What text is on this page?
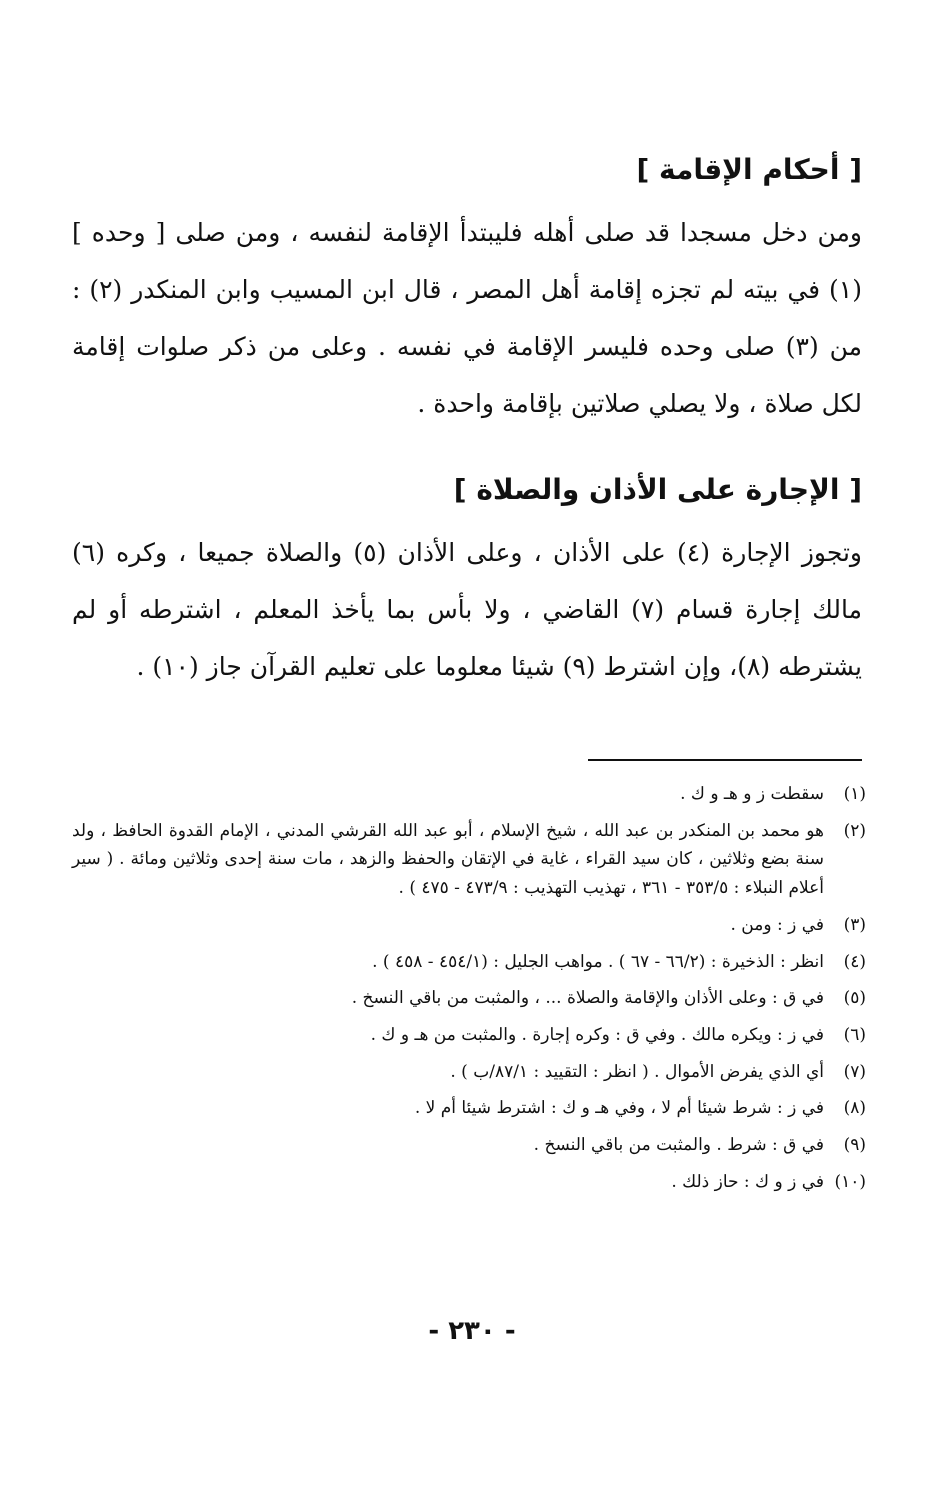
[ أحكام الإقامة ]

ومن دخل مسجدا قد صلى أهله فليبتدأ الإقامة لنفسه ، ومن صلى [ وحده ] (١) في بيته لم تجزه إقامة أهل المصر ، قال ابن المسيب وابن المنكدر (٢) : من (٣) صلى وحده فليسر الإقامة في نفسه . وعلى من ذكر صلوات إقامة لكل صلاة ، ولا يصلي صلاتين بإقامة واحدة .

[ الإجارة على الأذان والصلاة ]

وتجوز الإجارة (٤) على الأذان ، وعلى الأذان (٥) والصلاة جميعا ، وكره (٦) مالك إجارة قسام (٧) القاضي ، ولا بأس بما يأخذ المعلم ، اشترطه أو لم يشترطه (٨)، وإن اشترط (٩) شيئا معلوما على تعليم القرآن جاز (١٠) .

(١)
سقطت ز و هـ و ك .
(٢)
هو محمد بن المنكدر بن عبد الله ، شيخ الإسلام ، أبو عبد الله القرشي المدني ، الإمام القدوة الحافظ ، ولد سنة بضع وثلاثين ، كان سيد القراء ، غاية في الإتقان والحفظ والزهد ، مات سنة إحدى وثلاثين ومائة . ( سير أعلام النبلاء : ٣٥٣/٥ - ٣٦١ ، تهذيب التهذيب : ٤٧٣/٩ - ٤٧٥ ) .
(٣)
في ز : ومن .
(٤)
انظر : الذخيرة : (٦٦/٢ - ٦٧ ) . مواهب الجليل : (٤٥٤/١ - ٤٥٨ ) .
(٥)
في ق : وعلى الأذان والإقامة والصلاة ... ، والمثبت من باقي النسخ .
(٦)
في ز : ويكره مالك . وفي ق : وكره إجارة . والمثبت من هـ و ك .
(٧)
أي الذي يفرض الأموال . ( انظر : التقييد : ٨٧/١/ب ) .
(٨)
في ز : شرط شيئا أم لا ، وفي هـ و ك : اشترط شيئا أم لا .
(٩)
في ق : شرط . والمثبت من باقي النسخ .
(١٠)
في ز و ك : حاز ذلك .
- ٢٣٠ -
